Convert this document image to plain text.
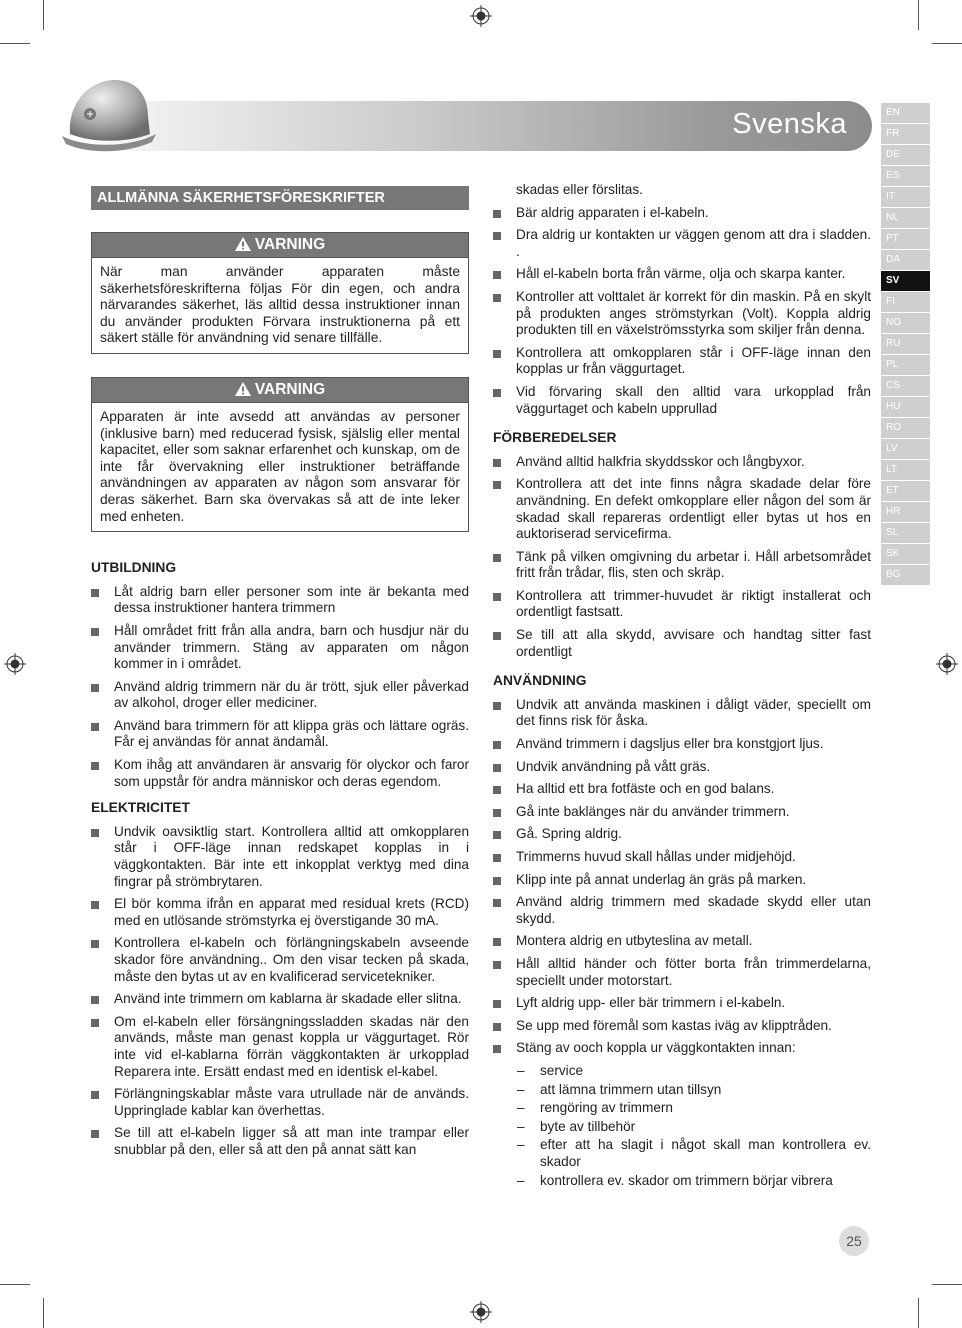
Svenska	EN
FR
DE
ES
IT
NL
PT
DA
SV
FI
NO
RU
PL
CS
HU
RO
LV
LT
ET
HR
SL
SK
BG
ALLMÄNNA SÄKERHETSFÖRESKRIFTER
VARNING
När man använder apparaten måste säkerhetsföreskrifterna följas För din egen, och andra närvarandes säkerhet, läs alltid dessa instruktioner innan du använder produkten Förvara instruktionerna på ett säkert ställe för användning vid senare tillfälle.
VARNING
Apparaten är inte avsedd att användas av personer (inklusive barn) med reducerad fysisk, själslig eller mental kapacitet, eller som saknar erfarenhet och kunskap, om de inte får övervakning eller instruktioner beträffande användningen av apparaten av någon som ansvarar för deras säkerhet. Barn ska övervakas så att de inte leker med enheten.
UTBILDNING
Låt aldrig barn eller personer som inte är bekanta med dessa instruktioner hantera trimmern
Håll området fritt från alla andra, barn och husdjur när du använder trimmern. Stäng av apparaten om någon kommer in i området.
Använd aldrig trimmern när du är trött, sjuk eller påverkad av alkohol, droger eller mediciner.
Använd bara trimmern för att klippa gräs och lättare ogräs. Får ej användas för annat ändamål.
Kom ihåg att användaren är ansvarig för olyckor och faror som uppstår för andra människor och deras egendom.
ELEKTRICITET
Undvik oavsiktlig start. Kontrollera alltid att omkopplaren står i OFF-läge innan redskapet kopplas in i väggkontakten. Bär inte ett inkopplat verktyg med dina fingrar på strömbrytaren.
El bör komma ifrån en apparat med residual krets (RCD) med en utlösande strömstyrka ej överstigande 30 mA.
Kontrollera el-kabeln och förlängningskabeln avseende skador före användning.. Om den visar tecken på skada, måste den bytas ut av en kvalificerad servicetekniker.
Använd inte trimmern om kablarna är skadade eller slitna.
Om el-kabeln eller försängningssladden skadas när den används, måste man genast koppla ur väggurtaget. Rör inte vid el-kablarna förrän väggkontakten är urkopplad Reparera inte. Ersätt endast med en identisk el-kabel.
Förlängningskablar måste vara utrullade när de används. Uppringlade kablar kan överhettas.
Se till att el-kabeln ligger så att man inte trampar eller snubblar på den, eller så att den på annat sätt kan

skadas eller förslitas.

Bär aldrig apparaten i el-kabeln.
Dra aldrig ur kontakten ur väggen genom att dra i sladden. .
Håll el-kabeln borta från värme, olja och skarpa kanter.
Kontroller att volttalet är korrekt för din maskin. På en skylt på produkten anges strömstyrkan (Volt). Koppla aldrig produkten till en växelströmsstyrka som skiljer från denna.
Kontrollera att omkopplaren står i OFF-läge innan den kopplas ur från väggurtaget.
Vid förvaring skall den alltid vara urkopplad från väggurtaget och kabeln upprullad
FÖRBEREDELSER
Använd alltid halkfria skyddsskor och långbyxor.
Kontrollera att det inte finns några skadade delar före användning. En defekt omkopplare eller någon del som är skadad skall repareras ordentligt eller bytas ut hos en auktoriserad servicefirma.
Tänk på vilken omgivning du arbetar i. Håll arbetsområdet fritt från trådar, flis, sten och skräp.
Kontrollera att trimmer-huvudet är riktigt installerat och ordentligt fastsatt.
Se till att alla skydd, avvisare och handtag sitter fast ordentligt
ANVÄNDNING
Undvik att använda maskinen i dåligt väder, speciellt om det finns risk för åska.
Använd trimmern i dagsljus eller bra konstgjort ljus.
Undvik användning på vått gräs.
Ha alltid ett bra fotfäste och en god balans.
Gå inte baklänges när du använder trimmern.
Gå. Spring aldrig.
Trimmerns huvud skall hållas under midjehöjd.
Klipp inte på annat underlag än gräs på marken.
Använd aldrig trimmern med skadade skydd eller utan skydd.
Montera aldrig en utbyteslina av metall.
Håll alltid händer och fötter borta från trimmerdelarna, speciellt under motorstart.
Lyft aldrig upp- eller bär trimmern i el-kabeln.
Se upp med föremål som kastas iväg av klipptråden.
Stäng av ooch koppla ur väggkontakten innan:
– service
– att lämna trimmern utan tillsyn
– rengöring av trimmern
– byte av tillbehör
– efter att ha slagit i något skall man kontrollera ev. skador
– kontrollera ev. skador om trimmern börjar vibrera
25
